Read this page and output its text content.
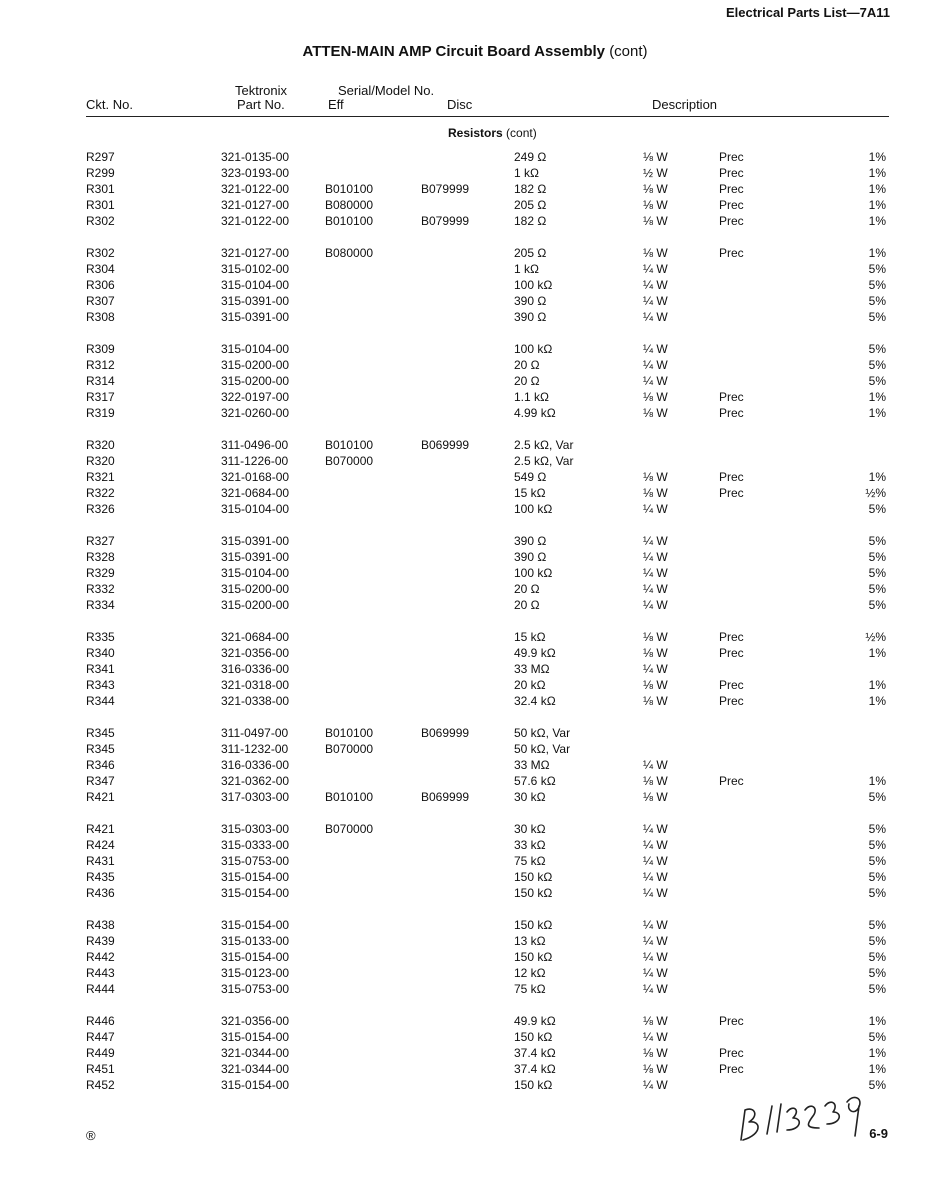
Electrical Parts List—7A11
ATTEN-MAIN AMP Circuit Board Assembly (cont)
Ckt. No.
Tektronix
Part No.
Serial/Model No.
Eff	Disc	Description
Resistors (cont)
R297	321-0135-00	249 Ω	⅛ W	Prec	1%
R299	323-0193-00	1 kΩ	½ W	Prec	1%
R301	321-0122-00	B010100	B079999	182 Ω	⅛ W	Prec	1%
R301	321-0127-00	B080000	205 Ω	⅛ W	Prec	1%
R302	321-0122-00	B010100	B079999	182 Ω	⅛ W	Prec	1%
R302	321-0127-00	B080000	205 Ω	⅛ W	Prec	1%
R304	315-0102-00	1 kΩ	¼ W	5%
R306	315-0104-00	100 kΩ	¼ W	5%
R307	315-0391-00	390 Ω	¼ W	5%
R308	315-0391-00	390 Ω	¼ W	5%
R309	315-0104-00	100 kΩ	¼ W	5%
R312	315-0200-00	20 Ω	¼ W	5%
R314	315-0200-00	20 Ω	¼ W	5%
R317	322-0197-00	1.1 kΩ	⅛ W	Prec	1%
R319	321-0260-00	4.99 kΩ	⅛ W	Prec	1%
R320	311-0496-00	B010100	B069999	2.5 kΩ, Var
R320	311-1226-00	B070000	2.5 kΩ, Var
R321	321-0168-00	549 Ω	⅛ W	Prec	1%
R322	321-0684-00	15 kΩ	⅛ W	Prec	½%
R326	315-0104-00	100 kΩ	¼ W	5%
R327	315-0391-00	390 Ω	¼ W	5%
R328	315-0391-00	390 Ω	¼ W	5%
R329	315-0104-00	100 kΩ	¼ W	5%
R332	315-0200-00	20 Ω	¼ W	5%
R334	315-0200-00	20 Ω	¼ W	5%
R335	321-0684-00	15 kΩ	⅛ W	Prec	½%
R340	321-0356-00	49.9 kΩ	⅛ W	Prec	1%
R341	316-0336-00	33 MΩ	¼ W
R343	321-0318-00	20 kΩ	⅛ W	Prec	1%
R344	321-0338-00	32.4 kΩ	⅛ W	Prec	1%
R345	311-0497-00	B010100	B069999	50 kΩ, Var
R345	311-1232-00	B070000	50 kΩ, Var
R346	316-0336-00	33 MΩ	¼ W
R347	321-0362-00	57.6 kΩ	⅛ W	Prec	1%
R421	317-0303-00	B010100	B069999	30 kΩ	⅛ W	5%
R421	315-0303-00	B070000	30 kΩ	¼ W	5%
R424	315-0333-00	33 kΩ	¼ W	5%
R431	315-0753-00	75 kΩ	¼ W	5%
R435	315-0154-00	150 kΩ	¼ W	5%
R436	315-0154-00	150 kΩ	¼ W	5%
R438	315-0154-00	150 kΩ	¼ W	5%
R439	315-0133-00	13 kΩ	¼ W	5%
R442	315-0154-00	150 kΩ	¼ W	5%
R443	315-0123-00	12 kΩ	¼ W	5%
R444	315-0753-00	75 kΩ	¼ W	5%
R446	321-0356-00	49.9 kΩ	⅛ W	Prec	1%
R447	315-0154-00	150 kΩ	¼ W	5%
R449	321-0344-00	37.4 kΩ	⅛ W	Prec	1%
R451	321-0344-00	37.4 kΩ	⅛ W	Prec	1%
R452	315-0154-00	150 kΩ	¼ W	5%
®	6-9
